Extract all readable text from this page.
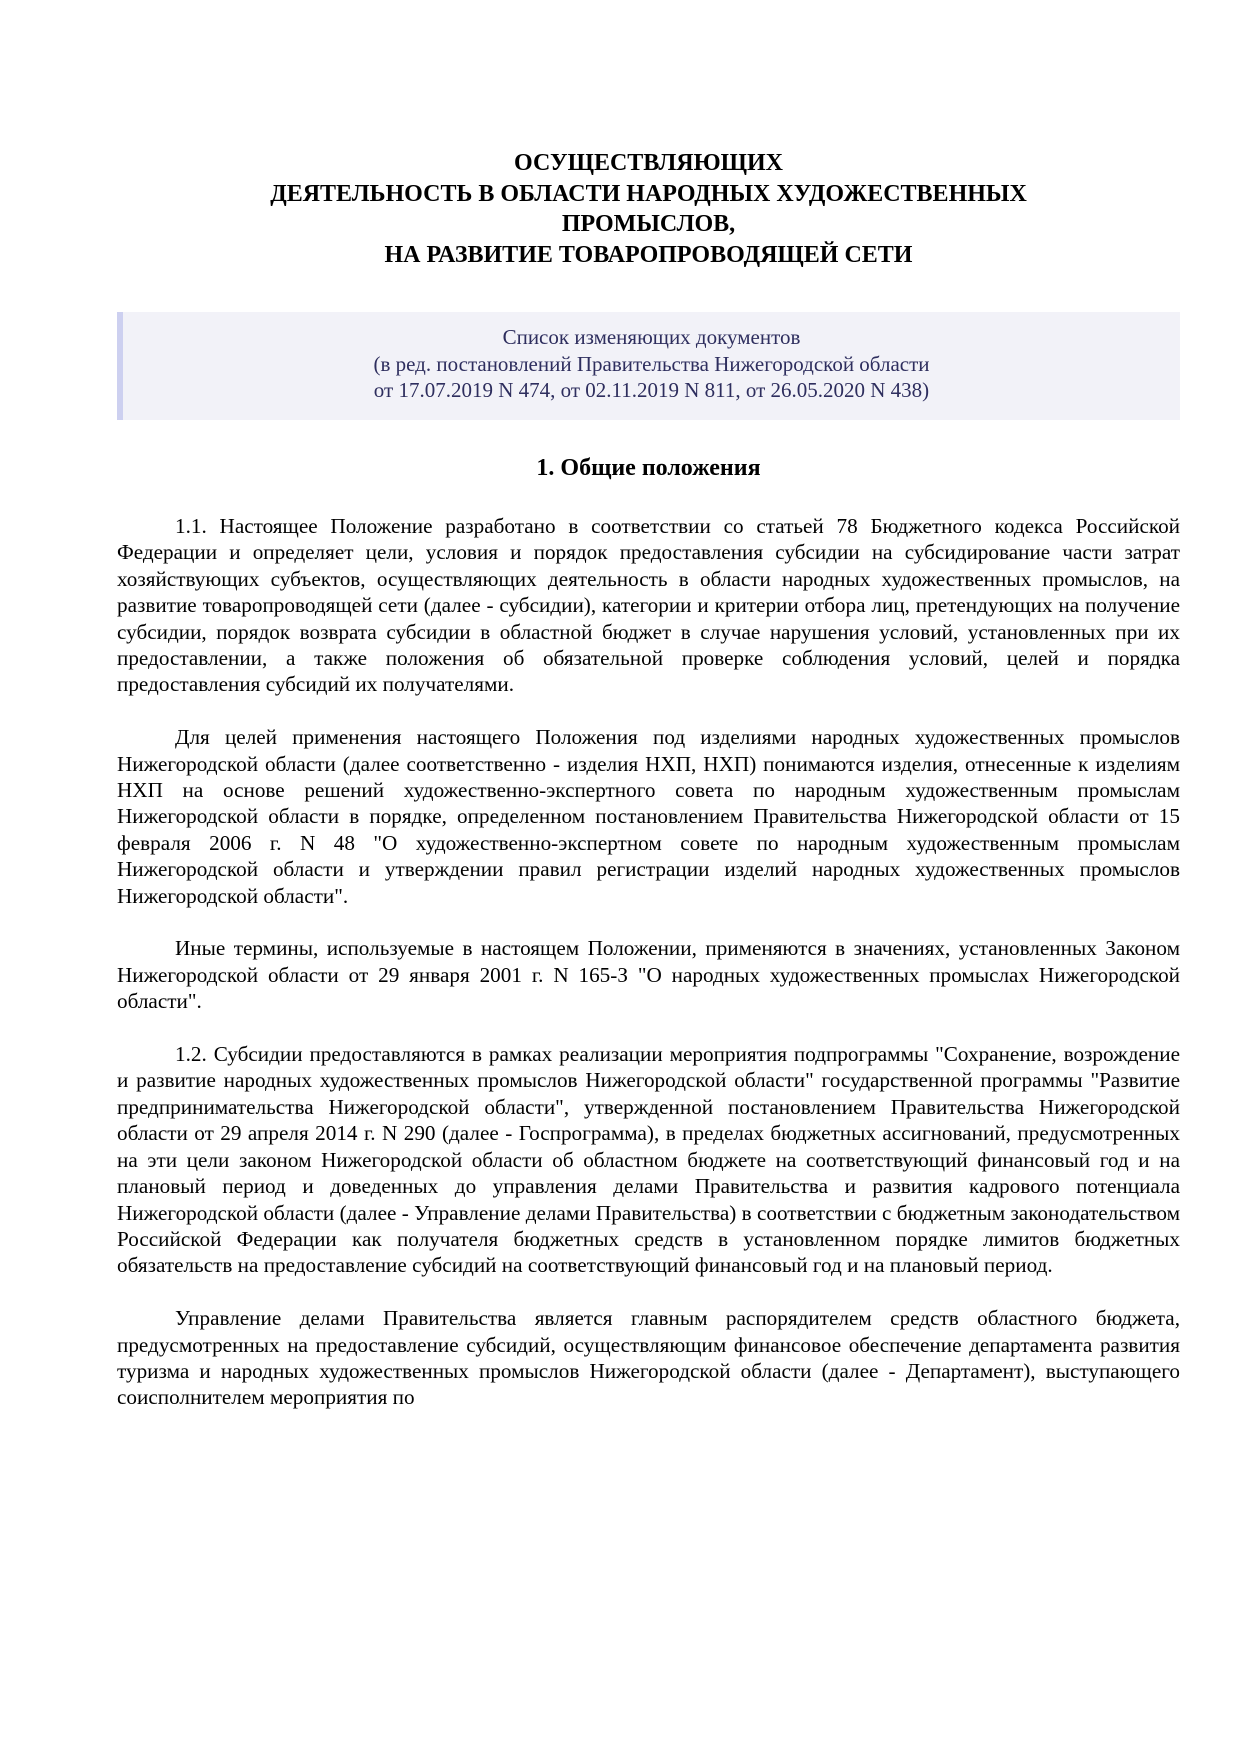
ОСУЩЕСТВЛЯЮЩИХ
ДЕЯТЕЛЬНОСТЬ В ОБЛАСТИ НАРОДНЫХ ХУДОЖЕСТВЕННЫХ
ПРОМЫСЛОВ,
НА РАЗВИТИЕ ТОВАРОПРОВОДЯЩЕЙ СЕТИ
Список изменяющих документов
(в ред. постановлений Правительства Нижегородской области
от 17.07.2019 N 474, от 02.11.2019 N 811, от 26.05.2020 N 438)
1. Общие положения

1.1. Настоящее Положение разработано в соответствии со статьей 78 Бюджетного кодекса Российской Федерации и определяет цели, условия и порядок предоставления субсидии на субсидирование части затрат хозяйствующих субъектов, осуществляющих деятельность в области народных художественных промыслов, на развитие товаропроводящей сети (далее - субсидии), категории и критерии отбора лиц, претендующих на получение субсидии, порядок возврата субсидии в областной бюджет в случае нарушения условий, установленных при их предоставлении, а также положения об обязательной проверке соблюдения условий, целей и порядка предоставления субсидий их получателями.

Для целей применения настоящего Положения под изделиями народных художественных промыслов Нижегородской области (далее соответственно - изделия НХП, НХП) понимаются изделия, отнесенные к изделиям НХП на основе решений художественно-экспертного совета по народным художественным промыслам Нижегородской области в порядке, определенном постановлением Правительства Нижегородской области от 15 февраля 2006 г. N 48 "О художественно-экспертном совете по народным художественным промыслам Нижегородской области и утверждении правил регистрации изделий народных художественных промыслов Нижегородской области".

Иные термины, используемые в настоящем Положении, применяются в значениях, установленных Законом Нижегородской области от 29 января 2001 г. N 165-З "О народных художественных промыслах Нижегородской области".

1.2. Субсидии предоставляются в рамках реализации мероприятия подпрограммы "Сохранение, возрождение и развитие народных художественных промыслов Нижегородской области" государственной программы "Развитие предпринимательства Нижегородской области", утвержденной постановлением Правительства Нижегородской области от 29 апреля 2014 г. N 290 (далее - Госпрограмма), в пределах бюджетных ассигнований, предусмотренных на эти цели законом Нижегородской области об областном бюджете на соответствующий финансовый год и на плановый период и доведенных до управления делами Правительства и развития кадрового потенциала Нижегородской области (далее - Управление делами Правительства) в соответствии с бюджетным законодательством Российской Федерации как получателя бюджетных средств в установленном порядке лимитов бюджетных обязательств на предоставление субсидий на соответствующий финансовый год и на плановый период.

Управление делами Правительства является главным распорядителем средств областного бюджета, предусмотренных на предоставление субсидий, осуществляющим финансовое обеспечение департамента развития туризма и народных художественных промыслов Нижегородской области (далее - Департамент), выступающего соисполнителем мероприятия по
